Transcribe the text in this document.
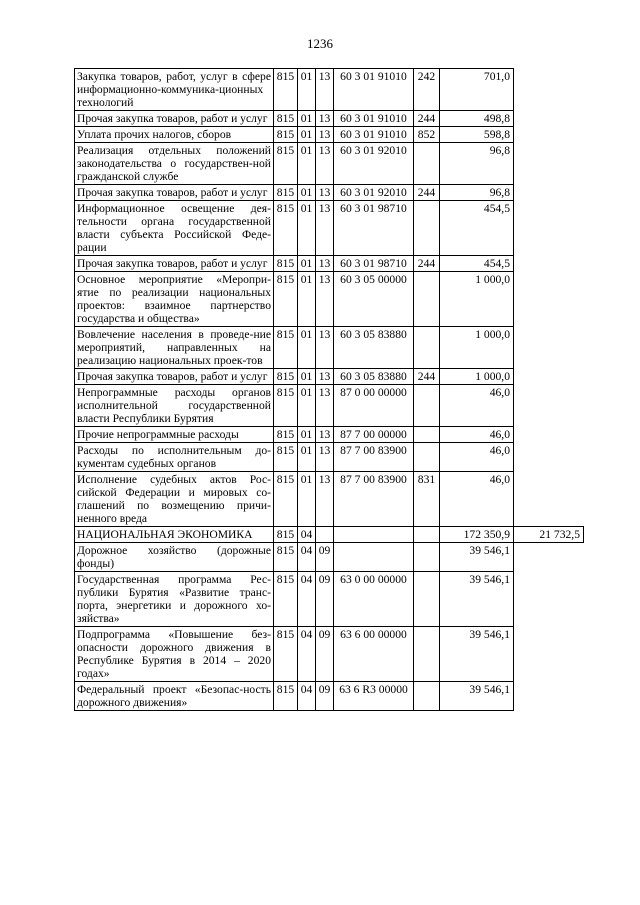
1236
Закупка товаров, работ, услуг в сфере информационно-коммуника-ционных технологий	815	01	13	60 3 01 91010	242	701,0	
Прочая закупка товаров, работ и услуг	815	01	13	60 3 01 91010	244	498,8	
Уплата прочих налогов, сборов	815	01	13	60 3 01 91010	852	598,8	
Реализация отдельных положений законодательства о государствен-ной гражданской службе	815	01	13	60 3 01 92010		96,8	
Прочая закупка товаров, работ и услуг	815	01	13	60 3 01 92010	244	96,8	
Информационное освещение дея-тельности органа государственной власти субъекта Российской Феде-рации	815	01	13	60 3 01 98710		454,5	
Прочая закупка товаров, работ и услуг	815	01	13	60 3 01 98710	244	454,5	
Основное мероприятие «Меропри-ятие по реализации национальных проектов: взаимное партнерство государства и общества»	815	01	13	60 3 05 00000		1 000,0	
Вовлечение населения в проведе-ние мероприятий, направленных на реализацию национальных проек-тов	815	01	13	60 3 05 83880		1 000,0	
Прочая закупка товаров, работ и услуг	815	01	13	60 3 05 83880	244	1 000,0	
Непрограммные расходы органов исполнительной государственной власти Республики Бурятия	815	01	13	87 0 00 00000		46,0	
Прочие непрограммные расходы	815	01	13	87 7 00 00000		46,0	
Расходы по исполнительным до-кументам судебных органов	815	01	13	87 7 00 83900		46,0	
Исполнение судебных актов Рос-сийской Федерации и мировых со-глашений по возмещению причи-ненного вреда	815	01	13	87 7 00 83900	831	46,0	
НАЦИОНАЛЬНАЯ ЭКОНОМИКА	815	04				172 350,9	21 732,5
Дорожное хозяйство (дорожные фонды)	815	04	09			39 546,1	
Государственная программа Рес-публики Бурятия «Развитие транс-порта, энергетики и дорожного хо-зяйства»	815	04	09	63 0 00 00000		39 546,1	
Подпрограмма «Повышение без-опасности дорожного движения в Республике Бурятия в 2014 – 2020 годах»	815	04	09	63 6 00 00000		39 546,1	
Федеральный проект «Безопас-ность дорожного движения»	815	04	09	63 6 R3 00000		39 546,1	
